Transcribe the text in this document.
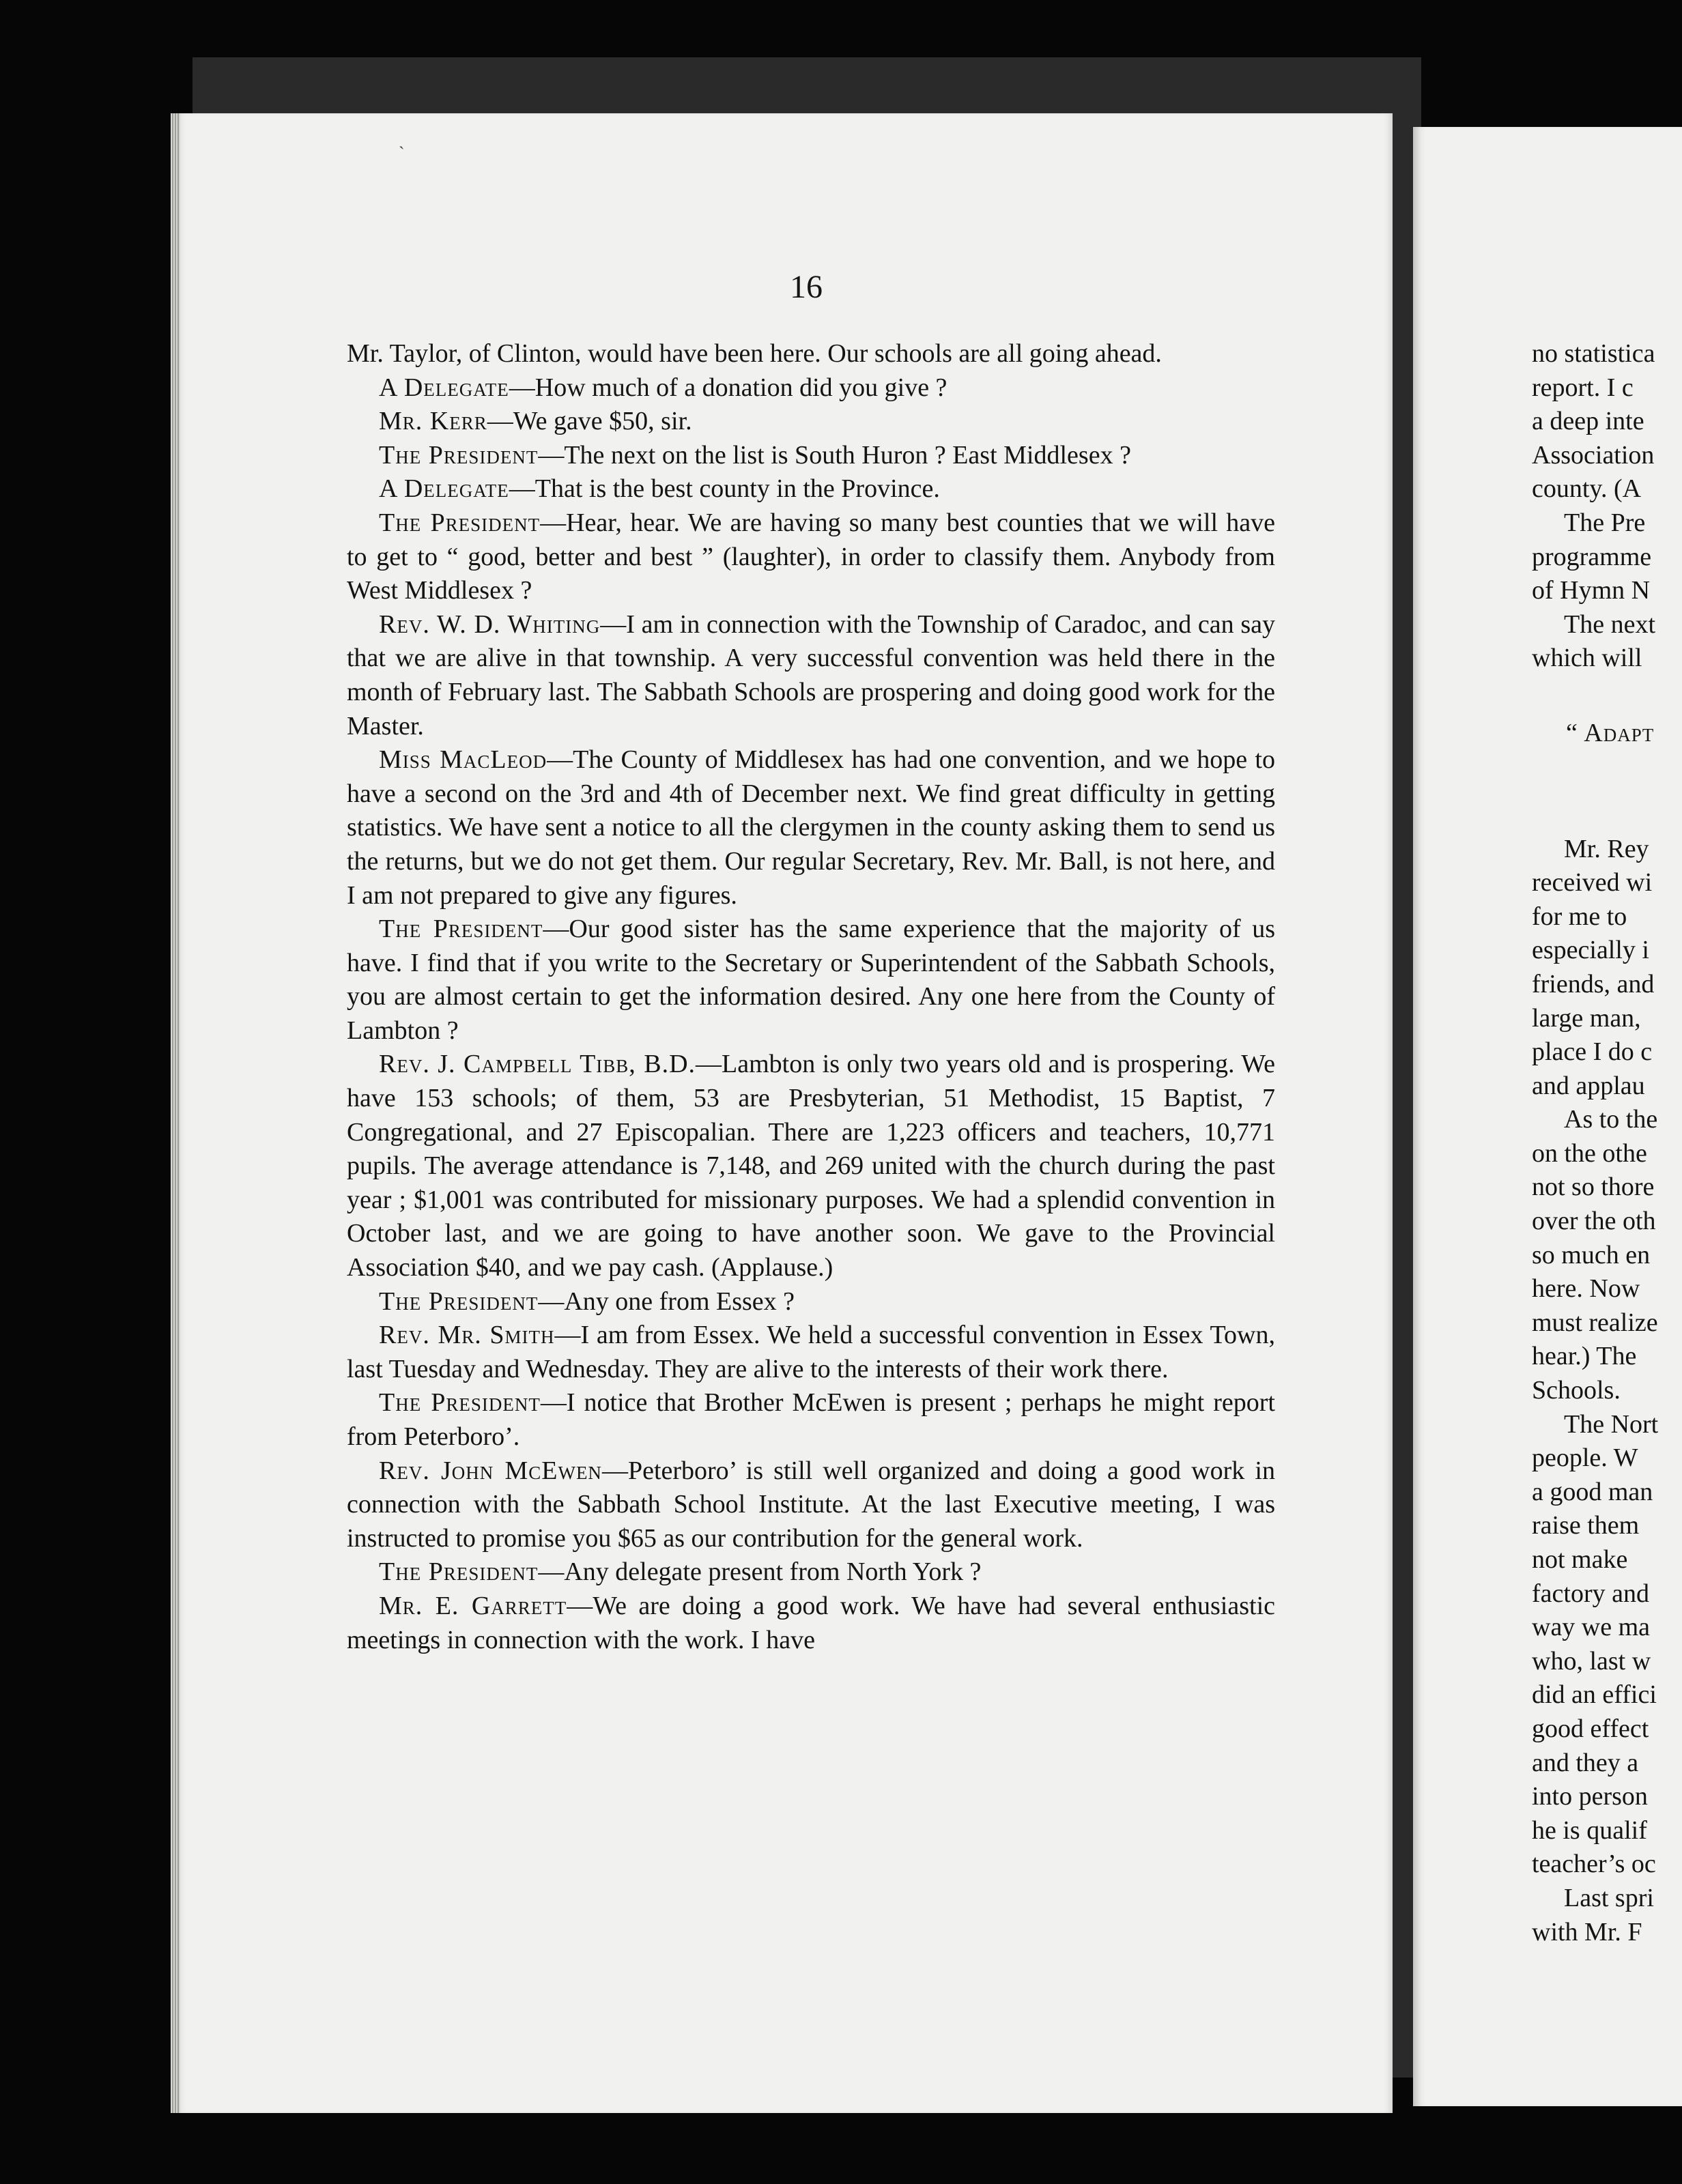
16

Mr. Taylor, of Clinton, would have been here. Our schools are all going ahead.

A Delegate—How much of a donation did you give ?

Mr. Kerr—We gave $50, sir.

The President—The next on the list is South Huron ? East Middlesex ?

A Delegate—That is the best county in the Province.

The President—Hear, hear. We are having so many best counties that we will have to get to “ good, better and best ” (laughter), in order to classify them. Anybody from West Middlesex ?

Rev. W. D. Whiting—I am in connection with the Township of Caradoc, and can say that we are alive in that township. A very successful convention was held there in the month of February last. The Sabbath Schools are prospering and doing good work for the Master.

Miss MacLeod—The County of Middlesex has had one convention, and we hope to have a second on the 3rd and 4th of December next. We find great difficulty in getting statistics. We have sent a notice to all the clergymen in the county asking them to send us the returns, but we do not get them. Our regular Secretary, Rev. Mr. Ball, is not here, and I am not prepared to give any figures.

The President—Our good sister has the same experience that the majority of us have. I find that if you write to the Secretary or Superintendent of the Sabbath Schools, you are almost certain to get the information desired. Any one here from the County of Lambton ?

Rev. J. Campbell Tibb, B.D.—Lambton is only two years old and is prospering. We have 153 schools; of them, 53 are Presbyterian, 51 Methodist, 15 Baptist, 7 Congregational, and 27 Episcopalian. There are 1,223 officers and teachers, 10,771 pupils. The average attendance is 7,148, and 269 united with the church during the past year ; $1,001 was contributed for missionary purposes. We had a splendid convention in October last, and we are going to have another soon. We gave to the Provincial Association $40, and we pay cash. (Applause.)

The President—Any one from Essex ?

Rev. Mr. Smith—I am from Essex. We held a successful convention in Essex Town, last Tuesday and Wednesday. They are alive to the interests of their work there.

The President—I notice that Brother McEwen is present ; perhaps he might report from Peterboro’.

Rev. John McEwen—Peterboro’ is still well organized and doing a good work in connection with the Sabbath School Institute. At the last Executive meeting, I was instructed to promise you $65 as our contribution for the general work.

The President—Any delegate present from North York ?

Mr. E. Garrett—We are doing a good work. We have had several enthusiastic meetings in connection with the work. I have

no statistica
report. I c
a deep inte
Association
county. (A
The Pre
programme
of Hymn N
The next
which will
“ Adapt
Mr. Rey
received wi
for me to
especially i
friends, and
large man,
place I do c
and applau
As to the
on the othe
not so thore
over the oth
so much en
here. Now
must realize
hear.) The
Schools.
The Nort
people. W
a good man
raise them
not make
factory and
way we ma
who, last w
did an effici
good effect
and they a
into person
he is qualif
teacher’s oc
Last spri
with Mr. F
ˋ
